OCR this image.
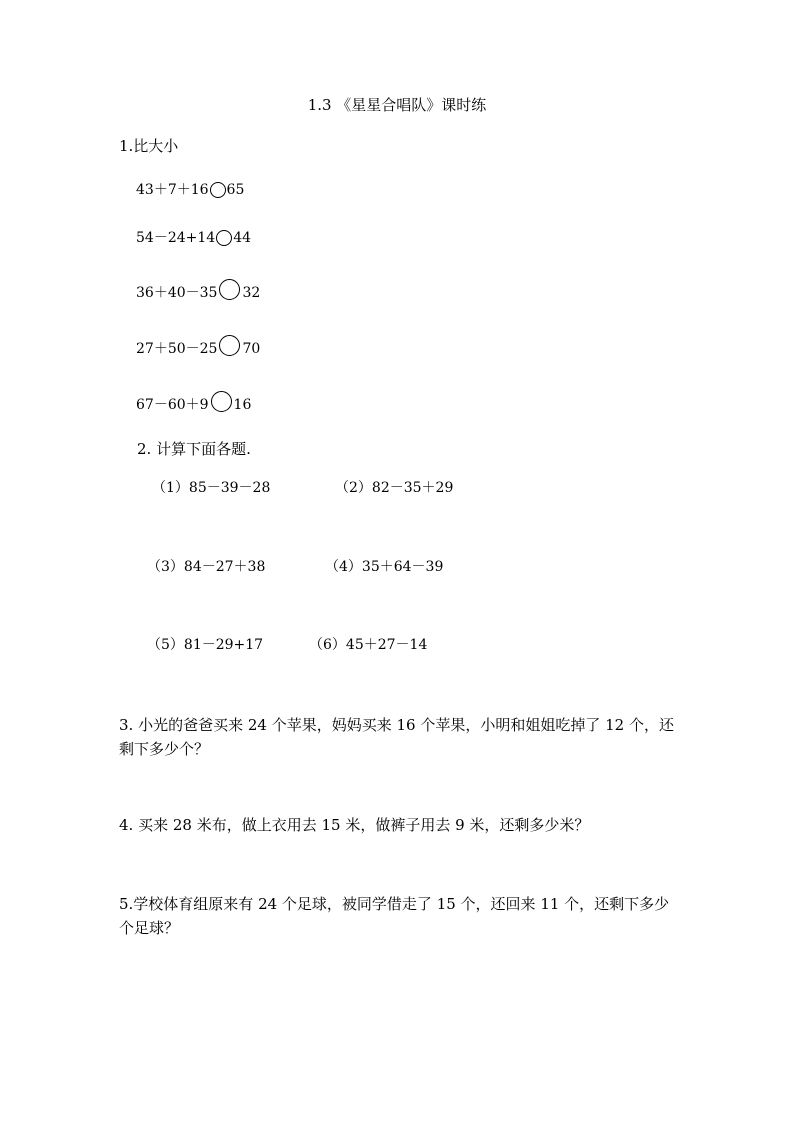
1.3 《星星合唱队》课时练
1.比大小
43＋7＋16 65
54－24+14 44
36＋40－35 32
27＋50－25 70
67－60＋9 16
2. 计算下面各题.
（1）85－39－28	（2）82－35＋29
（3）84－27＋38	（4）35＋64－39
（5）81－29+17	（6）45＋27－14
3. 小光的爸爸买来 24 个苹果，妈妈买来 16 个苹果，小明和姐姐吃掉了 12 个，还剩下多少个？
4. 买来 28 米布，做上衣用去 15 米，做裤子用去 9 米，还剩多少米？
5.学校体育组原来有 24 个足球，被同学借走了 15 个，还回来 11 个，还剩下多少个足球？
